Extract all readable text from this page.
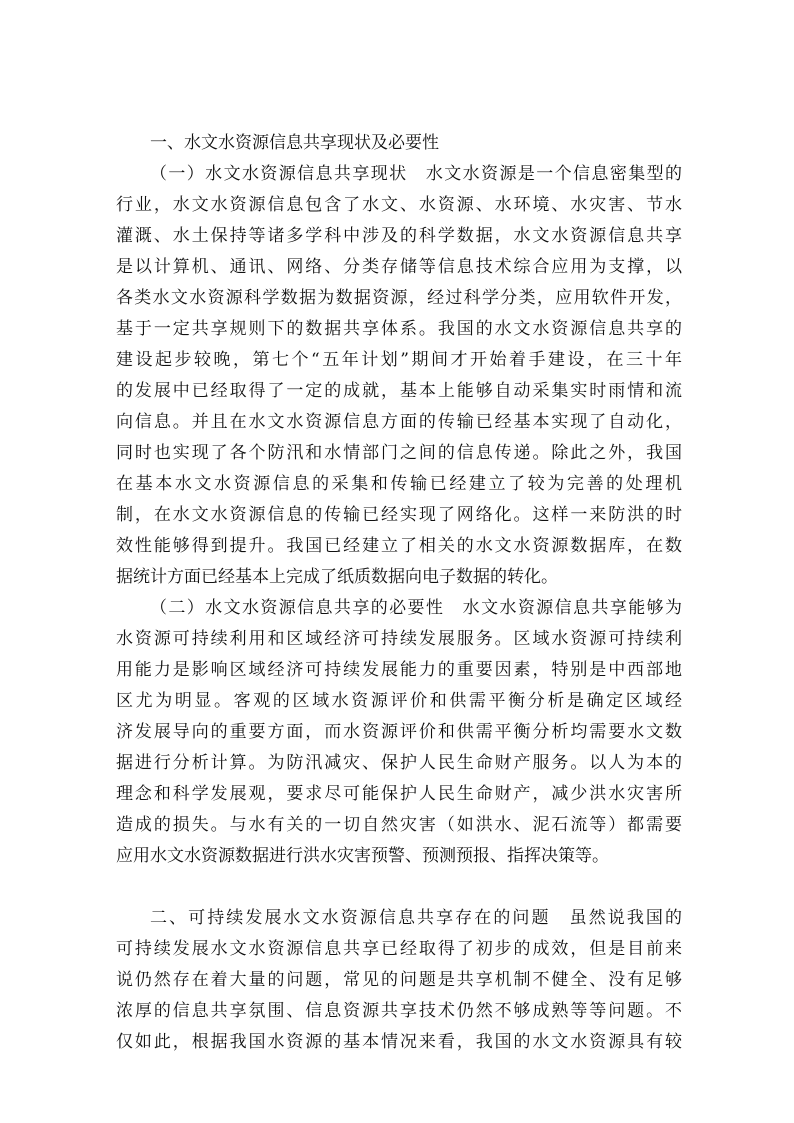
一、水文水资源信息共享现状及必要性
（一）水文水资源信息共享现状　水文水资源是一个信息密集型的
行业，水文水资源信息包含了水文、水资源、水环境、水灾害、节水
灌溉、水土保持等诸多学科中涉及的科学数据，水文水资源信息共享
是以计算机、通讯、网络、分类存储等信息技术综合应用为支撑，以
各类水文水资源科学数据为数据资源，经过科学分类，应用软件开发，
基于一定共享规则下的数据共享体系。我国的水文水资源信息共享的
建设起步较晚，第七个“五年计划”期间才开始着手建设，在三十年
的发展中已经取得了一定的成就，基本上能够自动采集实时雨情和流
向信息。并且在水文水资源信息方面的传输已经基本实现了自动化，
同时也实现了各个防汛和水情部门之间的信息传递。除此之外，我国
在基本水文水资源信息的采集和传输已经建立了较为完善的处理机
制，在水文水资源信息的传输已经实现了网络化。这样一来防洪的时
效性能够得到提升。我国已经建立了相关的水文水资源数据库，在数
据统计方面已经基本上完成了纸质数据向电子数据的转化。
（二）水文水资源信息共享的必要性　水文水资源信息共享能够为
水资源可持续利用和区域经济可持续发展服务。区域水资源可持续利
用能力是影响区域经济可持续发展能力的重要因素，特别是中西部地
区尤为明显。客观的区域水资源评价和供需平衡分析是确定区域经
济发展导向的重要方面，而水资源评价和供需平衡分析均需要水文数
据进行分析计算。为防汛减灾、保护人民生命财产服务。以人为本的
理念和科学发展观，要求尽可能保护人民生命财产，减少洪水灾害所
造成的损失。与水有关的一切自然灾害（如洪水、泥石流等）都需要
应用水文水资源数据进行洪水灾害预警、预测预报、指挥决策等。
二、可持续发展水文水资源信息共享存在的问题　虽然说我国的
可持续发展水文水资源信息共享已经取得了初步的成效，但是目前来
说仍然存在着大量的问题，常见的问题是共享机制不健全、没有足够
浓厚的信息共享氛围、信息资源共享技术仍然不够成熟等等问题。不
仅如此，根据我国水资源的基本情况来看，我国的水文水资源具有较
